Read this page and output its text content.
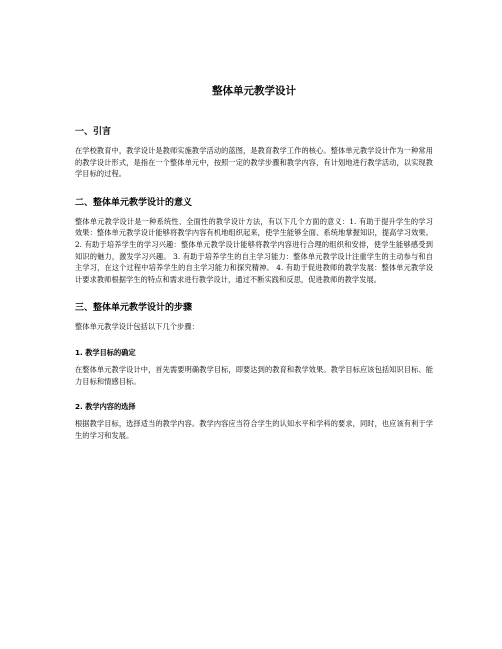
整体单元教学设计
一、引言

在学校教育中，教学设计是教师实施教学活动的蓝图，是教育教学工作的核心。整体单元教学设计作为一种常用的教学设计形式，是指在一个整体单元中，按照一定的教学步骤和教学内容，有计划地进行教学活动，以实现教学目标的过程。

二、整体单元教学设计的意义

整体单元教学设计是一种系统性、全面性的教学设计方法，有以下几个方面的意义：1. 有助于提升学生的学习效果：整体单元教学设计能够将教学内容有机地组织起来，使学生能够全面、系统地掌握知识，提高学习效果。 2. 有助于培养学生的学习兴趣：整体单元教学设计能够将教学内容进行合理的组织和安排，使学生能够感受到知识的魅力，激发学习兴趣。 3. 有助于培养学生的自主学习能力：整体单元教学设计注重学生的主动参与和自主学习，在这个过程中培养学生的自主学习能力和探究精神。 4. 有助于促进教师的教学发展：整体单元教学设计要求教师根据学生的特点和需求进行教学设计，通过不断实践和反思，促进教师的教学发展。

三、整体单元教学设计的步骤

整体单元教学设计包括以下几个步骤：

1. 教学目标的确定

在整体单元教学设计中，首先需要明确教学目标，即要达到的教育和教学效果。教学目标应该包括知识目标、能力目标和情感目标。

2. 教学内容的选择

根据教学目标，选择适当的教学内容。教学内容应当符合学生的认知水平和学科的要求，同时，也应该有利于学生的学习和发展。
